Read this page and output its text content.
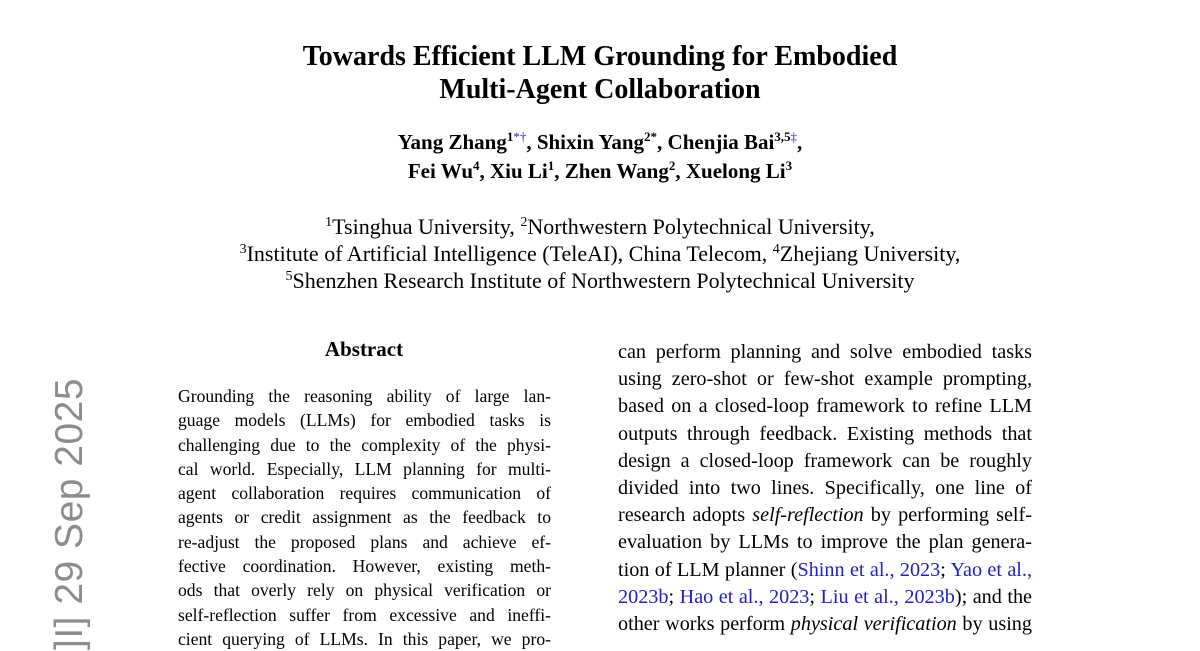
]I] 29 Sep 2025
Towards Efficient LLM Grounding for Embodied
Multi-Agent Collaboration
Yang Zhang$^{1*\dagger}$, Shixin Yang$^{2*}$, Chenjia Bai$^{3,5\ddagger}$,
Fei Wu$^4$, Xiu Li$^1$, Zhen Wang$^2$, Xuelong Li$^3$
$^1$Tsinghua University, $^2$Northwestern Polytechnical University,
$^3$Institute of Artificial Intelligence (TeleAI), China Telecom, $^4$Zhejiang University,
$^5$Shenzhen Research Institute of Northwestern Polytechnical University
Abstract
Grounding the reasoning ability of large lan-
guage models (LLMs) for embodied tasks is
challenging due to the complexity of the physi-
cal world. Especially, LLM planning for multi-
agent collaboration requires communication of
agents or credit assignment as the feedback to
re-adjust the proposed plans and achieve ef-
fective coordination. However, existing meth-
ods that overly rely on physical verification or
self-reflection suffer from excessive and ineffi-
cient querying of LLMs. In this paper, we pro-
can perform planning and solve embodied tasks
using zero-shot or few-shot example prompting,
based on a closed-loop framework to refine LLM
outputs through feedback. Existing methods that
design a closed-loop framework can be roughly
divided into two lines. Specifically, one line of
research adopts self-reflection by performing self-
evaluation by LLMs to improve the plan genera-
tion of LLM planner (Shinn et al., 2023; Yao et al.,
2023b; Hao et al., 2023; Liu et al., 2023b); and the
other works perform physical verification by using
